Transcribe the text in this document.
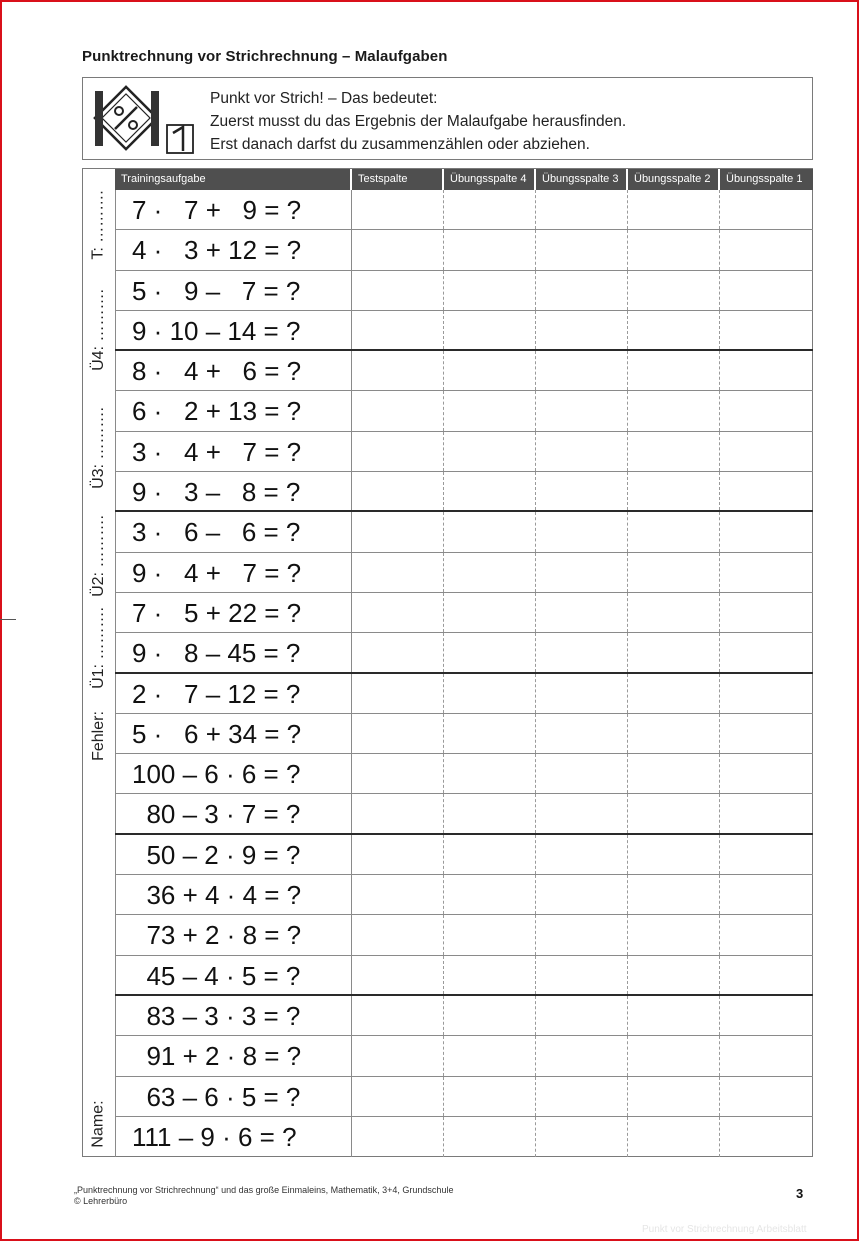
Punktrechnung vor Strichrechnung – Malaufgaben
Punkt vor Strich! – Das bedeutet:
Zuerst musst du das Ergebnis der Malaufgabe herausfinden.
Erst danach darfst du zusammenzählen oder abziehen.
T: ……….
Ü4: ……….
Ü3: ……….
Ü2: ……….
Ü1: ……….
Fehler:
Name:
Trainingsaufgabe	Testspalte	Übungsspalte 4	Übungsspalte 3	Übungsspalte 2	Übungsspalte 1
7 ·   7 +   9 = ?
4 ·   3 + 12 = ?
5 ·   9 –   7 = ?
9 · 10 – 14 = ?
8 ·   4 +   6 = ?
6 ·   2 + 13 = ?
3 ·   4 +   7 = ?
9 ·   3 –   8 = ?
3 ·   6 –   6 = ?
9 ·   4 +   7 = ?
7 ·   5 + 22 = ?
9 ·   8 – 45 = ?
2 ·   7 – 12 = ?
5 ·   6 + 34 = ?
100 – 6 · 6 = ?
80 – 3 · 7 = ?
50 – 2 · 9 = ?
36 + 4 · 4 = ?
73 + 2 · 8 = ?
45 – 4 · 5 = ?
83 – 3 · 3 = ?
91 + 2 · 8 = ?
63 – 6 · 5 = ?
111 – 9 · 6 = ?
„Punktrechnung vor Strichrechnung“ und das große Einmaleins, Mathematik, 3+4, Grundschule
© Lehrerbüro	3
Punkt vor Strichrechnung Arbeitsblatt
